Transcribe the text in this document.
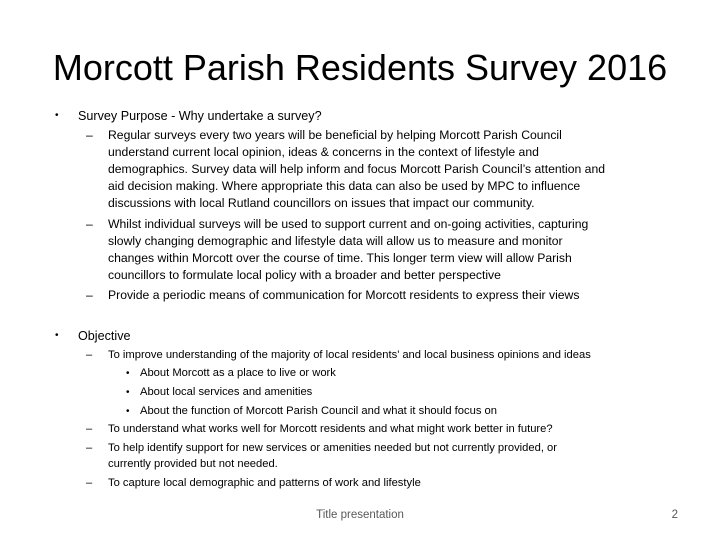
Morcott Parish Residents Survey 2016
• Survey Purpose - Why undertake a survey?
– Regular surveys every two years will be beneficial by helping Morcott Parish Council
understand current local opinion, ideas & concerns in the context of lifestyle and
demographics. Survey data will help inform and focus Morcott Parish Council’s attention and
aid decision making. Where appropriate this data can also be used by MPC to influence
discussions with local Rutland councillors on issues that impact our community.
– Whilst individual surveys will be used to support current and on-going activities, capturing
slowly changing demographic and lifestyle data will allow us to measure and monitor
changes within Morcott over the course of time. This longer term view will allow Parish
councillors to formulate local policy with a broader and better perspective
– Provide a periodic means of communication for Morcott residents to express their views
• Objective
– To improve understanding of the majority of local residents’ and local business opinions and ideas
• About Morcott as a place to live or work
• About local services and amenities
• About the function of Morcott Parish Council and what it should focus on
– To understand what works well for Morcott residents and what might work better in future?
– To help identify support for new services or amenities needed but not currently provided, or
currently provided but not needed.
– To capture local demographic and patterns of work and lifestyle
Title presentation	2
